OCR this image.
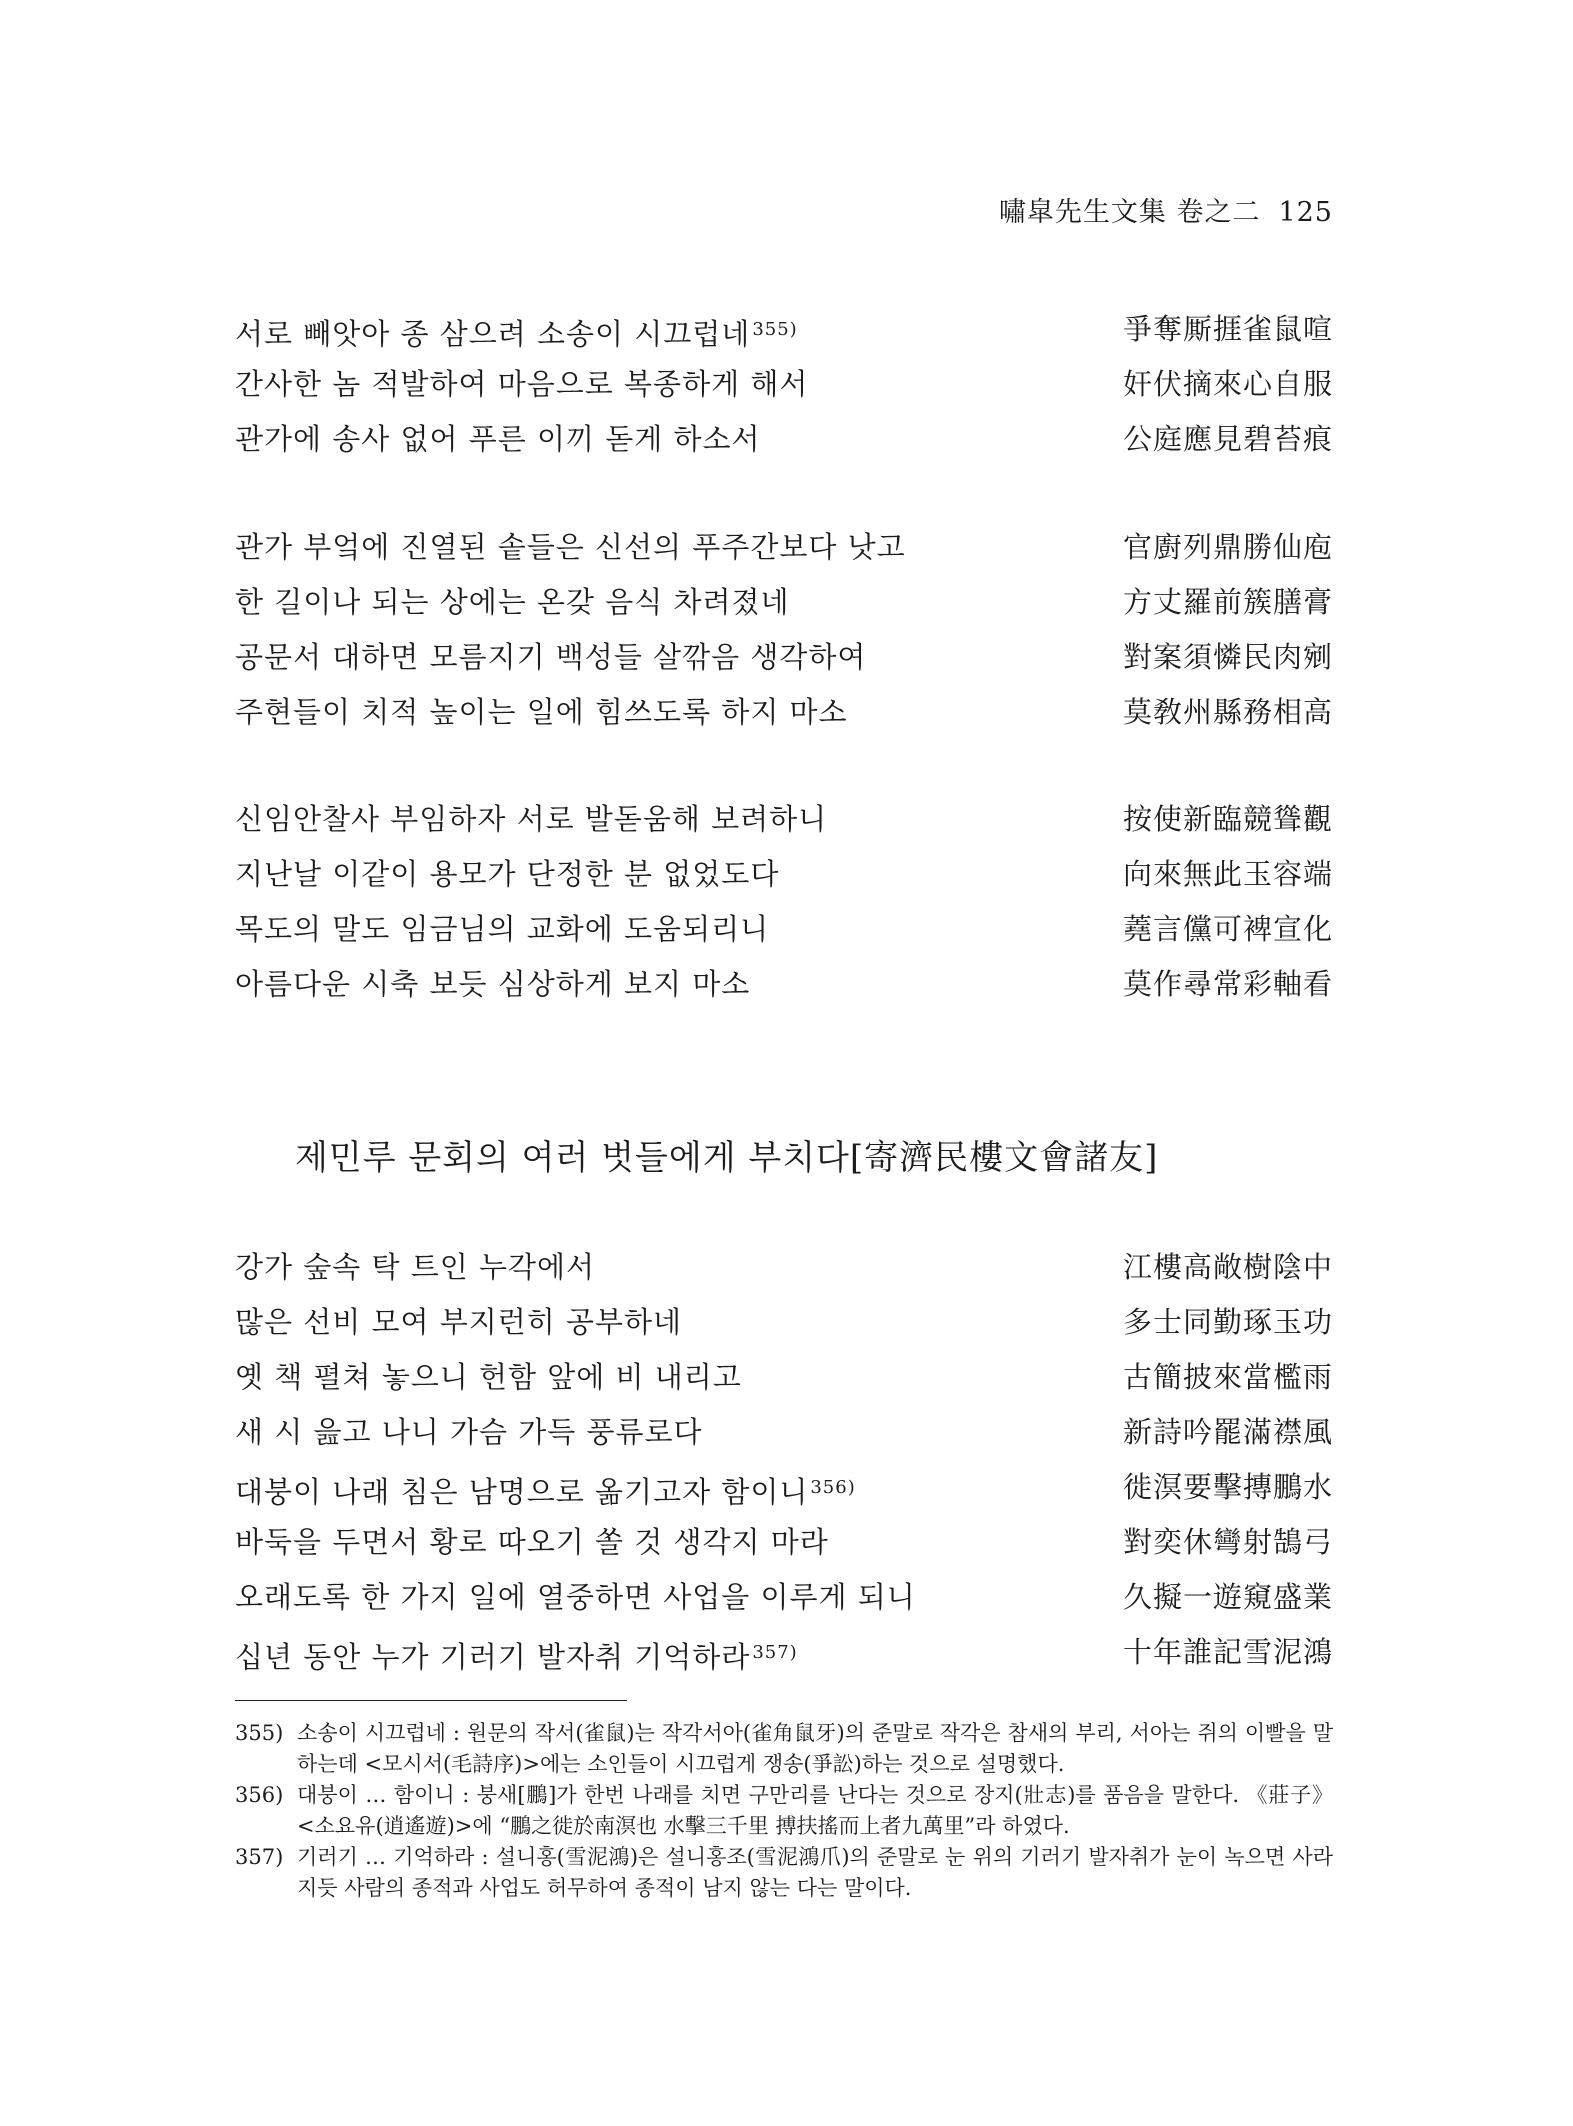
嘯皐先生文集 卷之二 125
서로 빼앗아 종 삼으려 소송이 시끄럽네 $^{355)}$	爭奪厮捱雀鼠喧
간사한 놈 적발하여 마음으로 복종하게 해서	奸伏摘來心自服
관가에 송사 없어 푸른 이끼 돋게 하소서	公庭應見碧苔痕
관가 부엌에 진열된 솥들은 신선의 푸주간보다 낫고	官廚列鼎勝仙庖
한 길이나 되는 상에는 온갖 음식 차려졌네	方丈羅前簇膳膏
공문서 대하면 모름지기 백성들 살깎음 생각하여	對案須憐民肉剜
주현들이 치적 높이는 일에 힘쓰도록 하지 마소	莫敎州縣務相高
신임안찰사 부임하자 서로 발돋움해 보려하니	按使新臨競聳觀
지난날 이같이 용모가 단정한 분 없었도다	向來無此玉容端
목도의 말도 임금님의 교화에 도움되리니	蕘言儻可裨宣化
아름다운 시축 보듯 심상하게 보지 마소	莫作尋常彩軸看
제민루 문회의 여러 벗들에게 부치다[寄濟民樓文會諸友]
강가 숲속 탁 트인 누각에서	江樓高敞樹陰中
많은 선비 모여 부지런히 공부하네	多士同勤琢玉功
옛 책 펼쳐 놓으니 헌함 앞에 비 내리고	古簡披來當檻雨
새 시 읊고 나니 가슴 가득 풍류로다	新詩吟罷滿襟風
대붕이 나래 침은 남명으로 옮기고자 함이니 $^{356)}$	徙溟要擊摶鵬水
바둑을 두면서 황로 따오기 쏠 것 생각지 마라	對奕休彎射鵠弓
오래도록 한 가지 일에 열중하면 사업을 이루게 되니	久擬一遊窺盛業
십년 동안 누가 기러기 발자취 기억하라 $^{357)}$	十年誰記雪泥鴻
355) 소송이 시끄럽네 : 원문의 작서(雀鼠)는 작각서아(雀角鼠牙)의 준말로 작각은 참새의 부리, 서아는 쥐의 이빨을 말하는데 <모시서(毛詩序)>에는 소인들이 시끄럽게 쟁송(爭訟)하는 것으로 설명했다.
356) 대붕이 … 함이니 : 붕새[鵬]가 한번 나래를 치면 구만리를 난다는 것으로 장지(壯志)를 품음을 말한다. 《莊子》 <소요유(逍遙遊)>에 “鵬之徙於南溟也 水擊三千里 搏扶搖而上者九萬里”라 하였다.
357) 기러기 … 기억하라 : 설니홍(雪泥鴻)은 설니홍조(雪泥鴻爪)의 준말로 눈 위의 기러기 발자취가 눈이 녹으면 사라지듯 사람의 종적과 사업도 허무하여 종적이 남지 않는 다는 말이다.
